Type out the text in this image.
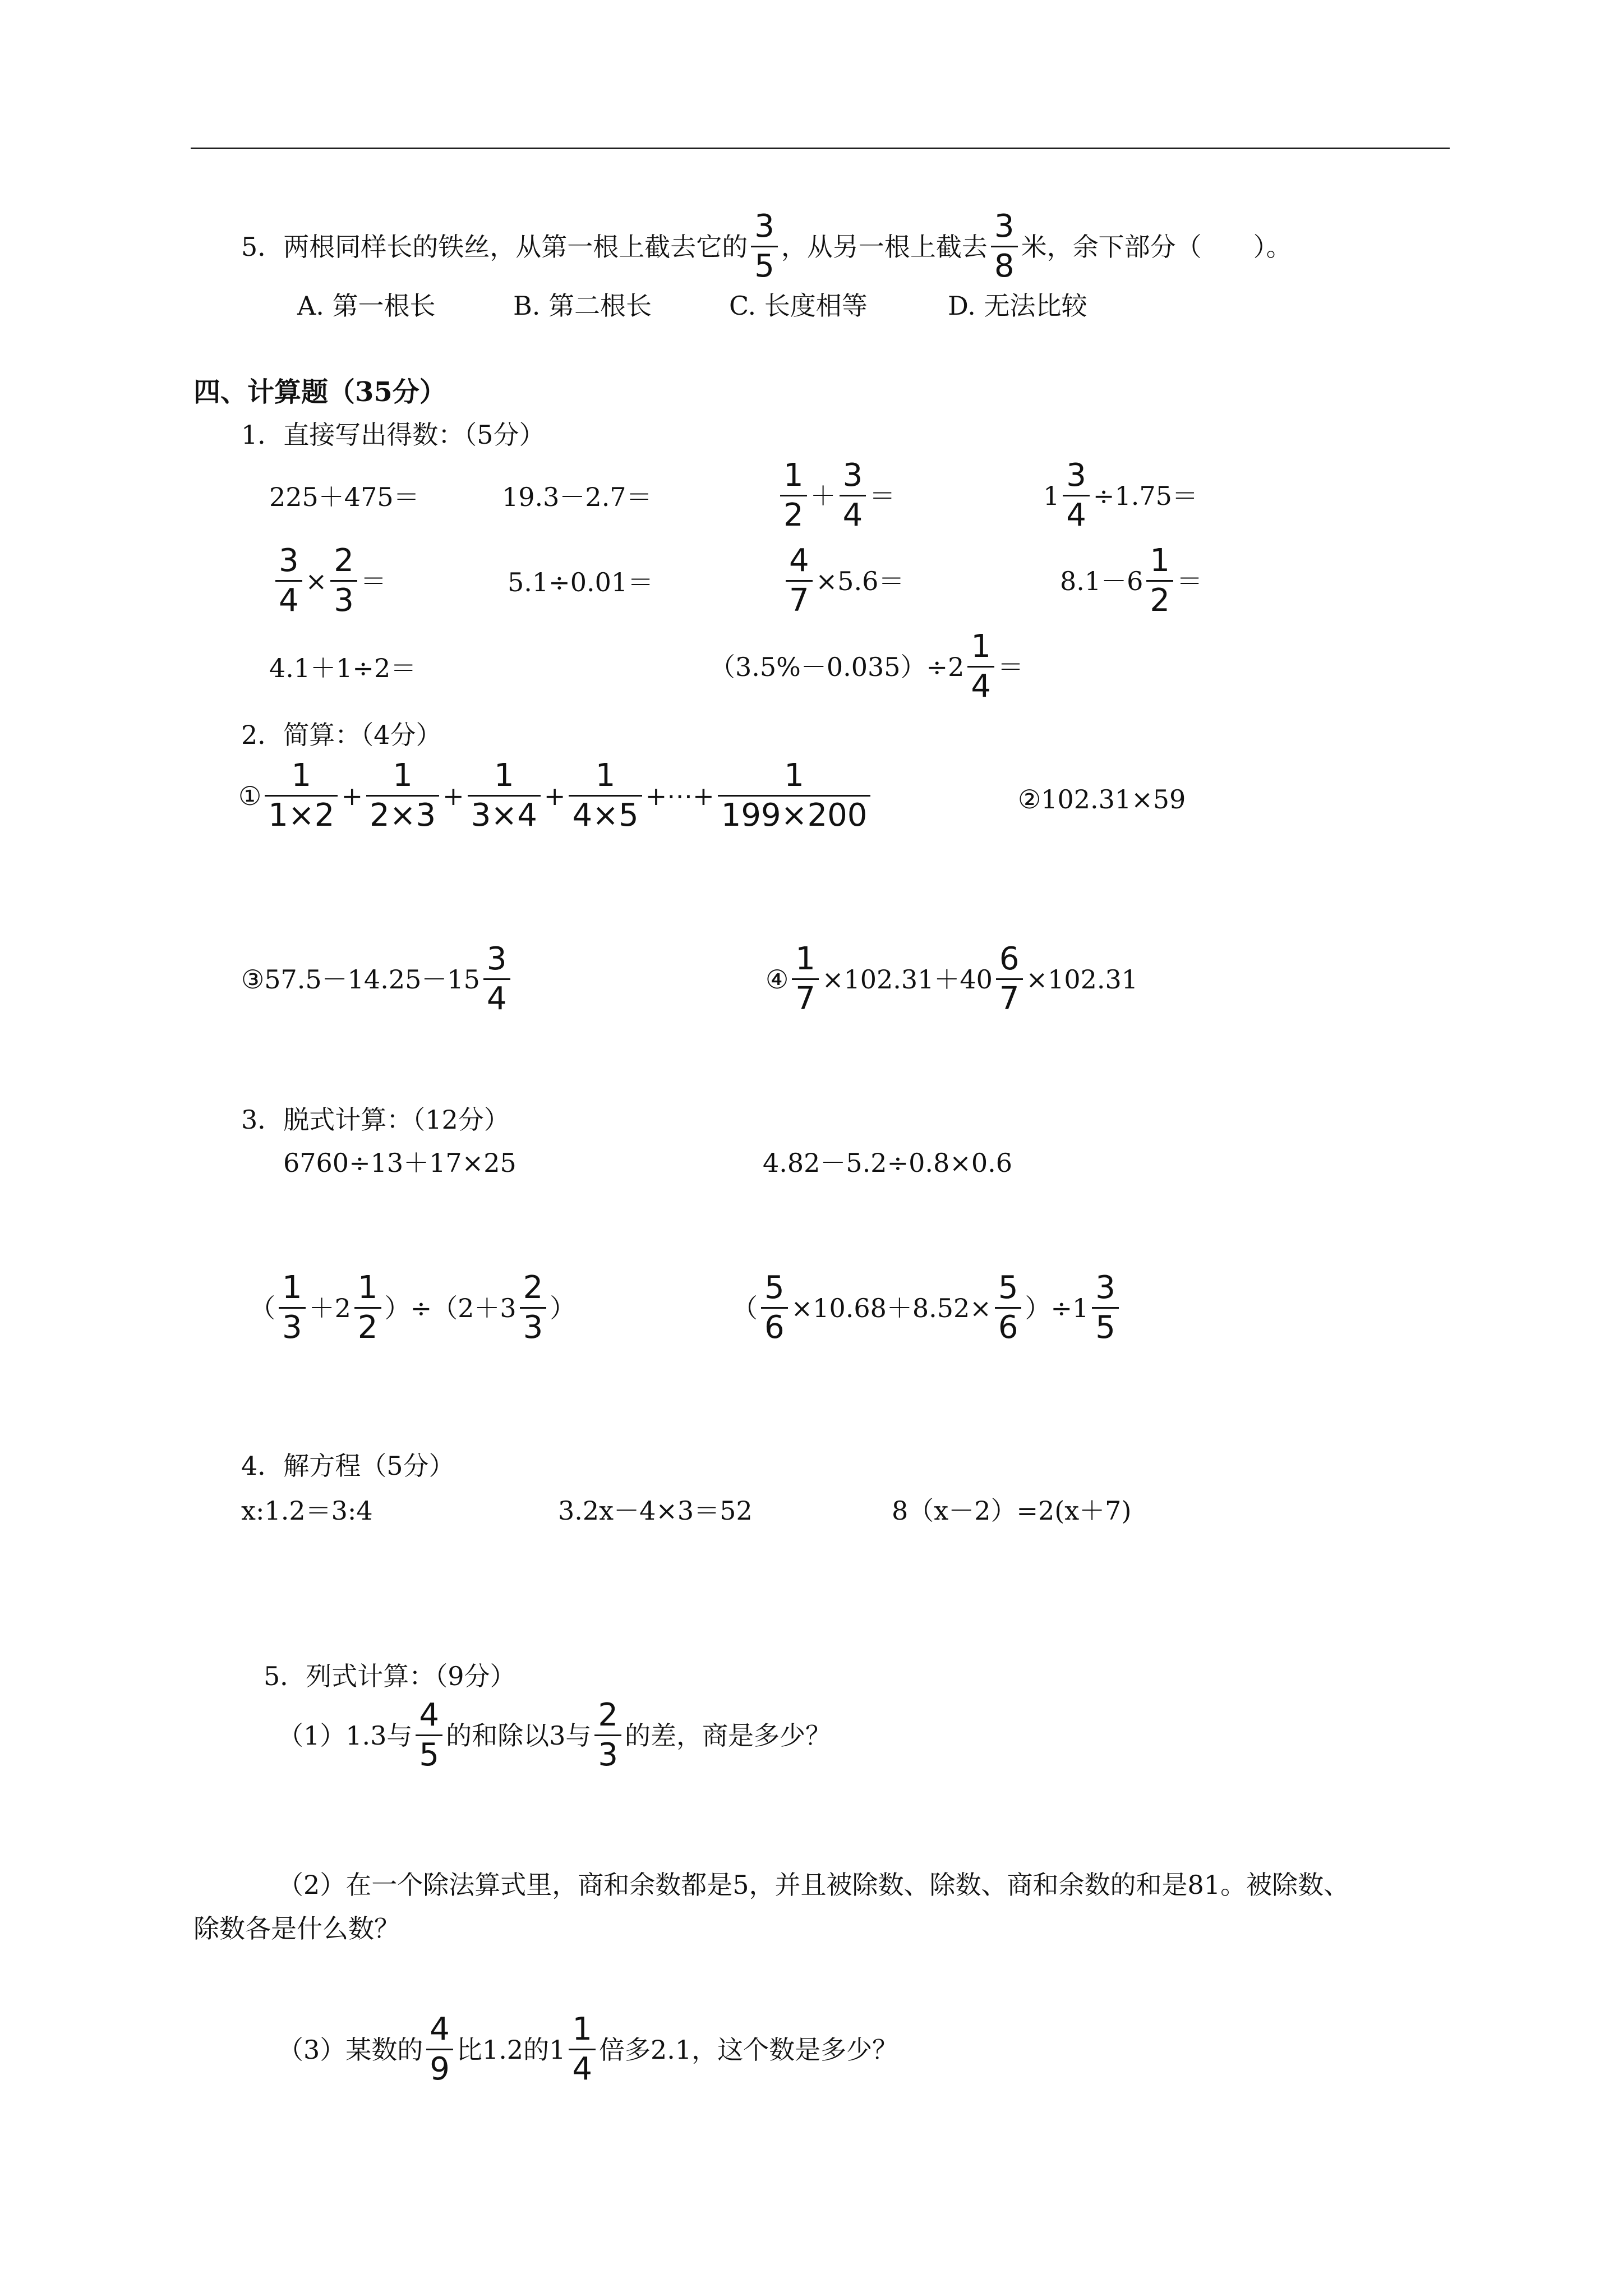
5．两根同样长的铁丝，从第一根上截去它的 $\frac{3}{5}$ ，从另一根上截去 $\frac{3}{8}$ 米，余下部分（　　）。
A. 第一根长	B. 第二根长	C. 长度相等	D. 无法比较
四、计算题（35分）
1．直接写出得数：（5分）
225＋475＝	19.3－2.7＝	$\frac{1}{2} + \frac{3}{4}$ ＝	$1 \frac{3}{4} \div 1.75=$
$\frac{3}{4} \times \frac{2}{3}$ ＝	5.1÷0.01＝	$\frac{4}{7} \times 5.6=$	$8.1-6 \frac{1}{2}$ ＝
4.1＋1÷2＝	$(3.5\%-0.035)\div 2 \frac{1}{4}$ ＝
2．简算：（4分）
① $\frac{1}{1\times 2} + \frac{1}{2\times 3} + \frac{1}{3\times 4} + \frac{1}{4\times 5}$ +⋯+ $\frac{1}{199\times 200}$	②102.31×59
③57.5－14.25－15 $\frac{3}{4}$	④ $\frac{1}{7} \times 102.31+40 \frac{6}{7} \times 102.31$
3．脱式计算：（12分）
6760÷13＋17×25	4.82－5.2÷0.8×0.6
（ $\frac{1}{3} +2 \frac{1}{2} )\div(2+3 \frac{2}{3}$ ）	（ $\frac{5}{6} \times 10.68+8.52\times \frac{5}{6} )\div 1 \frac{3}{5}$
4．解方程（5分）
x:1.2＝3:4	3.2x－4×3＝52	8（x－2）=2(x＋7)
5．列式计算：（9分）
（1）1.3与 $\frac{4}{5}$ 的和除以3与 $\frac{2}{3}$ 的差，商是多少？
（2）在一个除法算式里，商和余数都是5，并且被除数、除数、商和余数的和是81。被除数、
除数各是什么数？
（3）某数的 $\frac{4}{9}$ 比1.2的$1 \frac{1}{4}$ 倍多2.1，这个数是多少？
